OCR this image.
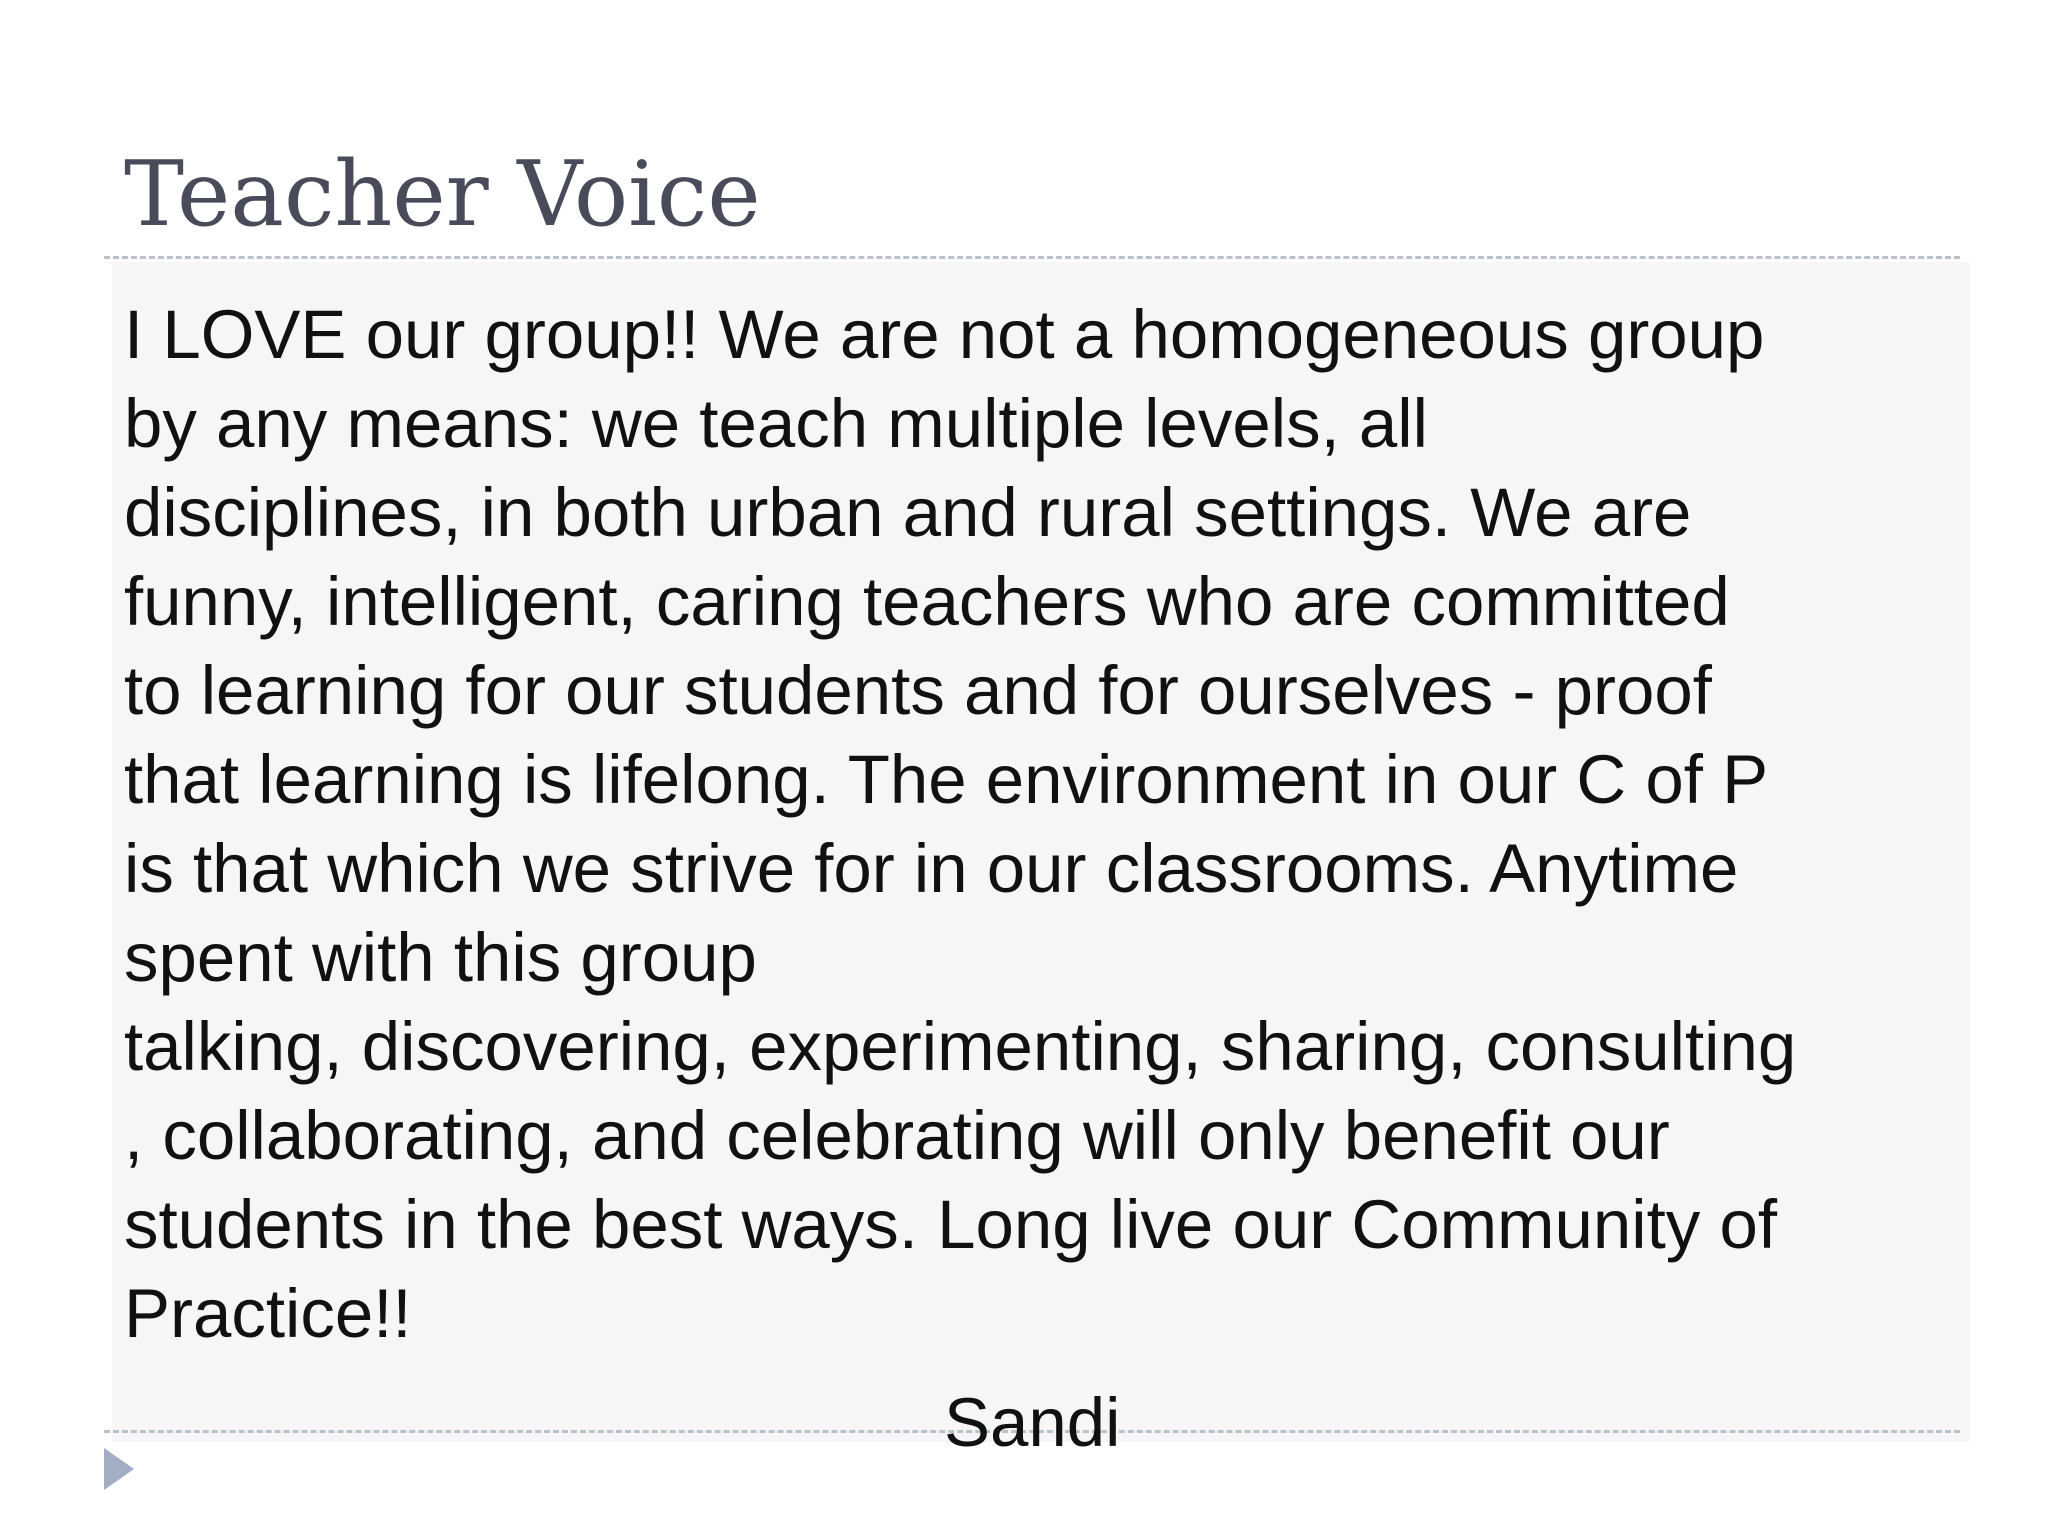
Teacher Voice

I LOVE our group!! We are not a homogeneous group
by any means: we teach multiple levels, all
disciplines, in both urban and rural settings. We are
funny, intelligent, caring teachers who are committed
to learning for our students and for ourselves - proof
that learning is lifelong. The environment in our C of P
is that which we strive for in our classrooms. Anytime
spent with this group
talking, discovering, experimenting, sharing, consulting
, collaborating, and celebrating will only benefit our
students in the best ways. Long live our Community of
Practice!!

Sandi
